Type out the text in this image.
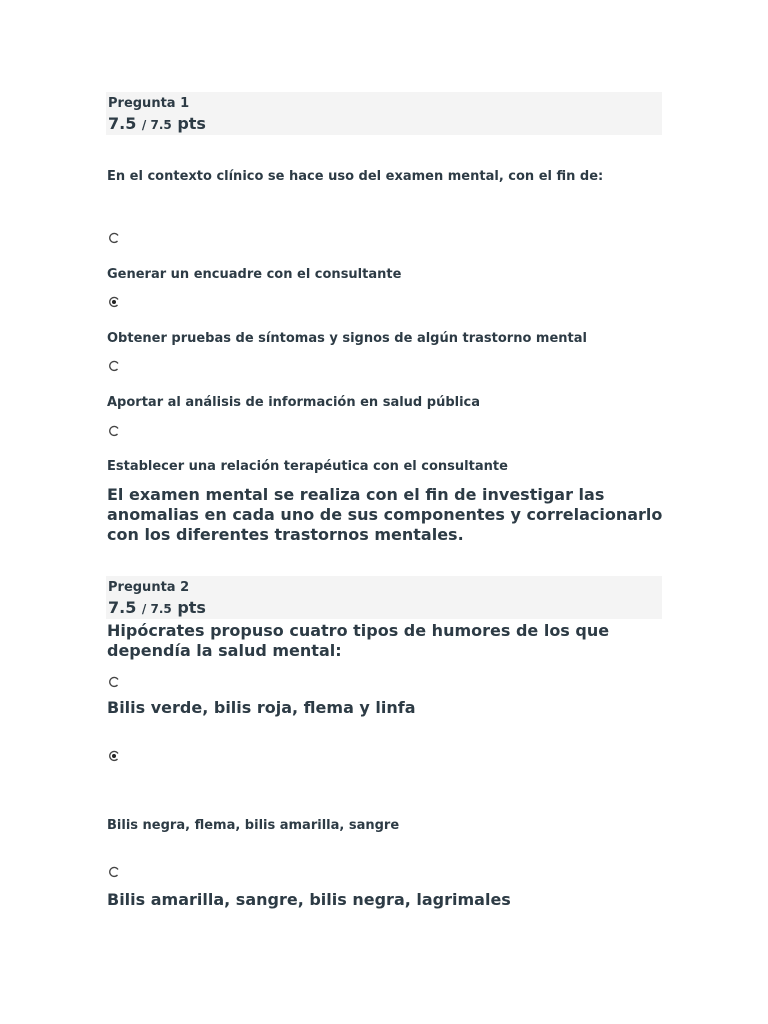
Pregunta 1
7.5 / 7.5 pts
En el contexto clínico se hace uso del examen mental, con el fin de:
Generar un encuadre con el consultante
Obtener pruebas de síntomas y signos de algún trastorno mental
Aportar al análisis de información en salud pública
Establecer una relación terapéutica con el consultante
El examen mental se realiza con el fin de investigar las anomalias en cada uno de sus componentes y correlacionarlo con los diferentes trastornos mentales.
Pregunta 2
7.5 / 7.5 pts
Hipócrates propuso cuatro tipos de humores de los que dependía la salud mental:
Bilis verde, bilis roja, flema y linfa
Bilis negra, flema, bilis amarilla, sangre
Bilis amarilla, sangre, bilis negra, lagrimales
